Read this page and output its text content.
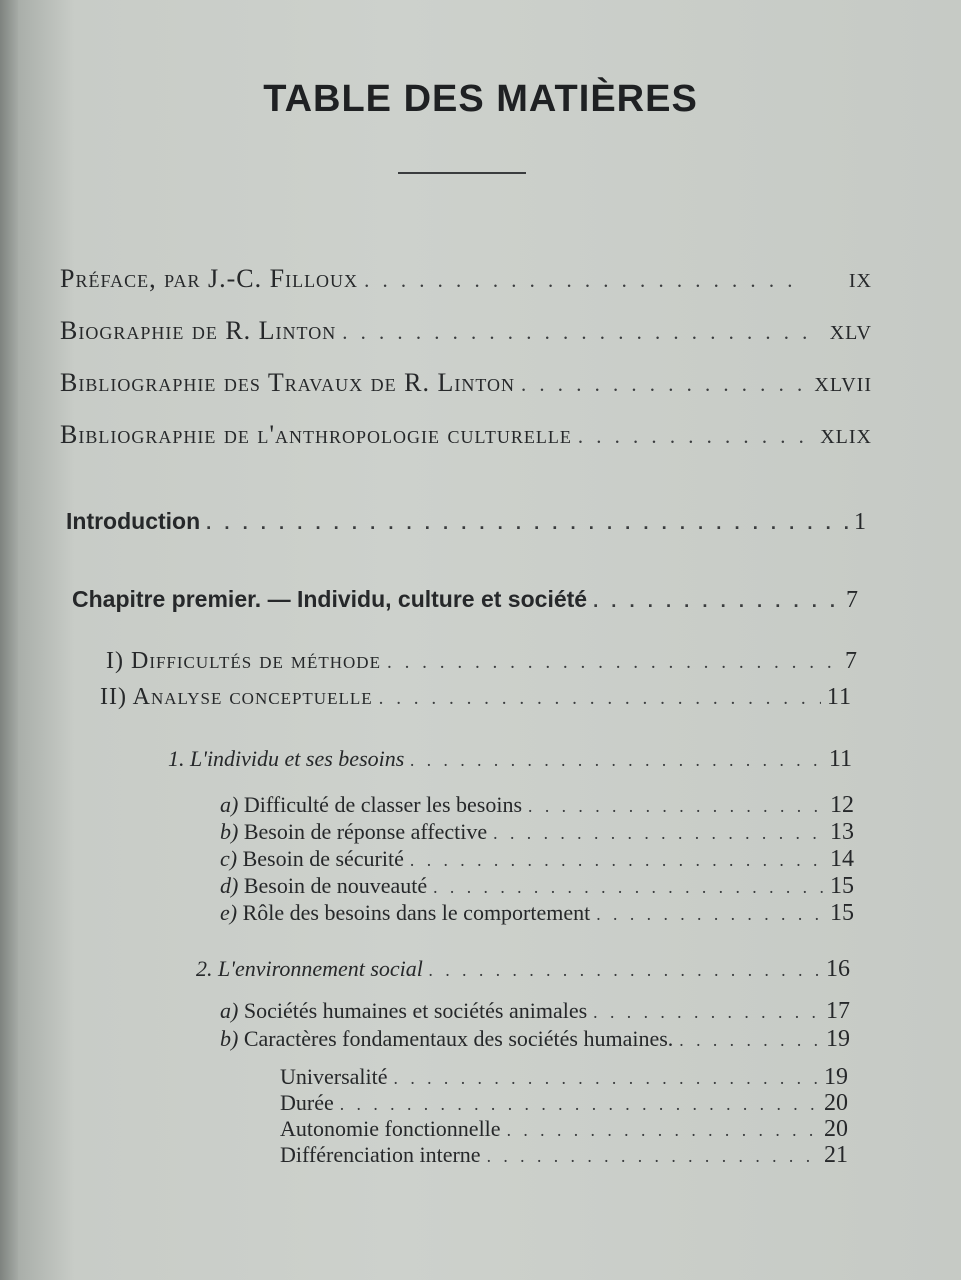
TABLE DES MATIÈRES
Préface, par J.-C. Filloux . . .	IX
Biographie de R. Linton . . .	XLV
Bibliographie des Travaux de R. Linton . . .	XLVII
Bibliographie de l'anthropologie culturelle . . .	XLIX
Introduction . . .	1
Chapitre premier. — Individu, culture et société . . .	7
I) Difficultés de méthode . . .	7
II) Analyse conceptuelle . . .	11
1. L'individu et ses besoins . . .	11
a) Difficulté de classer les besoins . . .	12
b) Besoin de réponse affective . . .	13
c) Besoin de sécurité . . .	14
d) Besoin de nouveauté . . .	15
e) Rôle des besoins dans le comportement . . .	15
2. L'environnement social . . .	16
a) Sociétés humaines et sociétés animales . . .	17
b) Caractères fondamentaux des sociétés humaines. . . .	19
Universalité . . .	19
Durée . . .	20
Autonomie fonctionnelle . . .	20
Différenciation interne . . .	21
